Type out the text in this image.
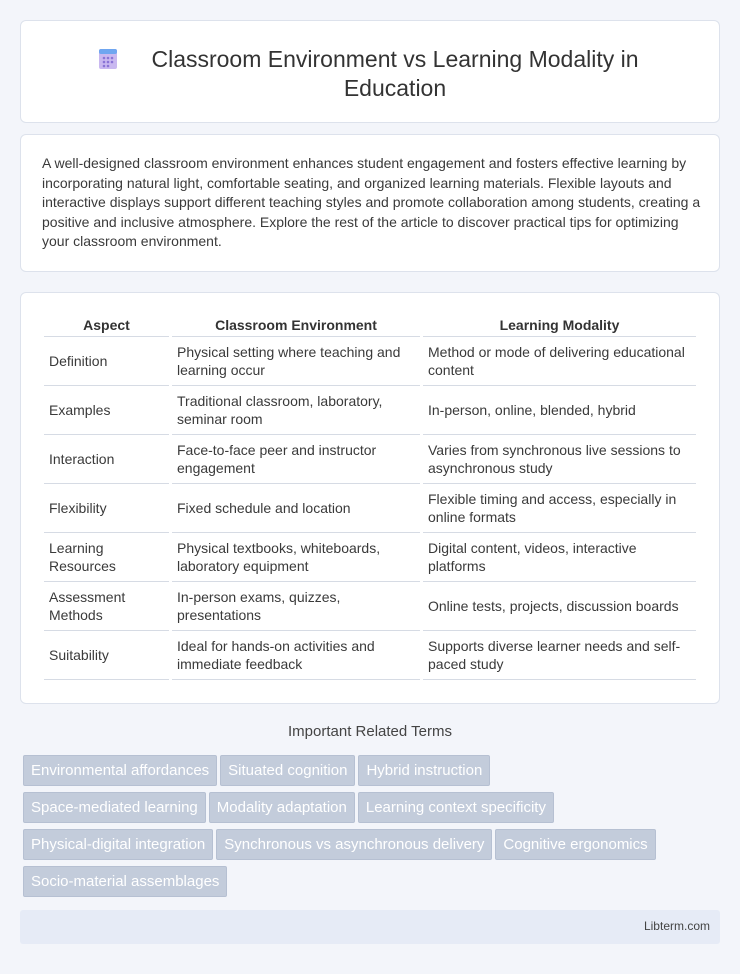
Classroom Environment vs Learning Modality in Education

A well-designed classroom environment enhances student engagement and fosters effective learning by incorporating natural light, comfortable seating, and organized learning materials. Flexible layouts and interactive displays support different teaching styles and promote collaboration among students, creating a positive and inclusive atmosphere. Explore the rest of the article to discover practical tips for optimizing your classroom environment.

Aspect	Classroom Environment	Learning Modality
Definition	Physical setting where teaching and learning occur	Method or mode of delivering educational content
Examples	Traditional classroom, laboratory, seminar room	In-person, online, blended, hybrid
Interaction	Face-to-face peer and instructor engagement	Varies from synchronous live sessions to asynchronous study
Flexibility	Fixed schedule and location	Flexible timing and access, especially in online formats
Learning Resources	Physical textbooks, whiteboards, laboratory equipment	Digital content, videos, interactive platforms
Assessment Methods	In-person exams, quizzes, presentations	Online tests, projects, discussion boards
Suitability	Ideal for hands-on activities and immediate feedback	Supports diverse learner needs and self-paced study
Important Related Terms
Environmental affordances Situated cognition Hybrid instruction
Space-mediated learning Modality adaptation Learning context specificity
Physical-digital integration Synchronous vs asynchronous delivery Cognitive ergonomics
Socio-material assemblages
Libterm.com
